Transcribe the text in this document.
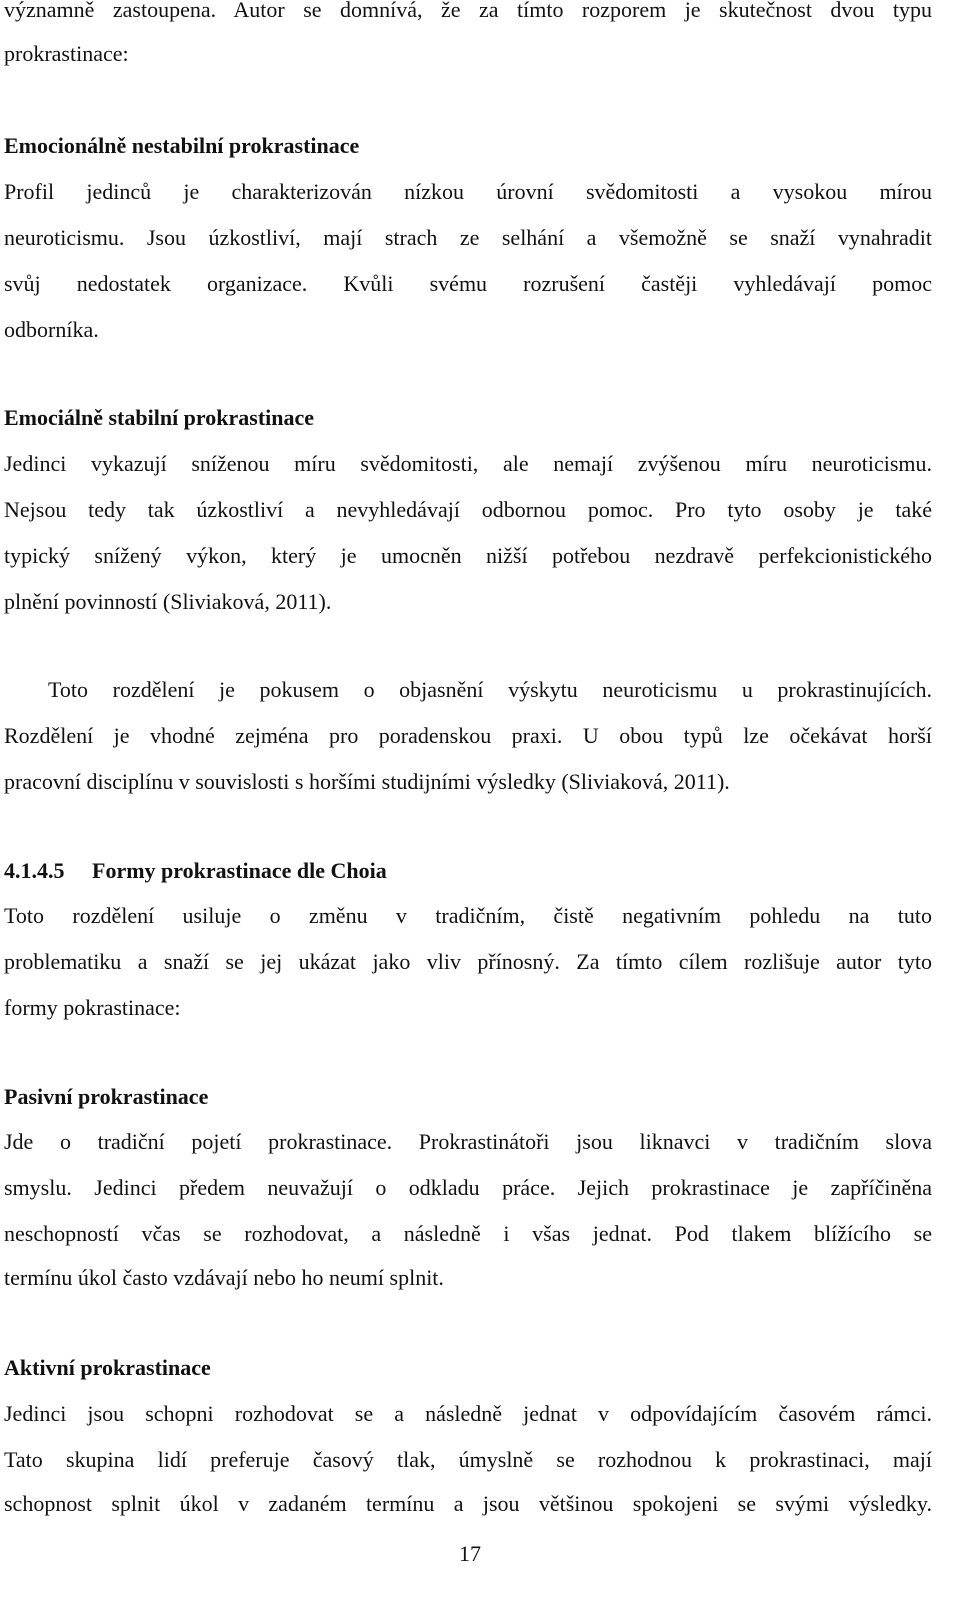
významně zastoupena. Autor se domnívá, že za tímto rozporem je skutečnost dvou typu
prokrastinace:
Emocionálně nestabilní prokrastinace
Profil jedinců je charakterizován nízkou úrovní svědomitosti a vysokou mírou
neuroticismu. Jsou úzkostliví, mají strach ze selhání a všemožně se snaží vynahradit
svůj nedostatek organizace. Kvůli svému rozrušení častěji vyhledávají pomoc
odborníka.
Emociálně stabilní prokrastinace
Jedinci vykazují sníženou míru svědomitosti, ale nemají zvýšenou míru neuroticismu.
Nejsou tedy tak úzkostliví a nevyhledávají odbornou pomoc. Pro tyto osoby je také
typický snížený výkon, který je umocněn nižší potřebou nezdravě perfekcionistického
plnění povinností (Sliviaková, 2011).
Toto rozdělení je pokusem o objasnění výskytu neuroticismu u prokrastinujících.
Rozdělení je vhodné zejména pro poradenskou praxi. U obou typů lze očekávat horší
pracovní disciplínu v souvislosti s horšími studijními výsledky (Sliviaková, 2011).
4.1.4.5 Formy prokrastinace dle Choia
Toto rozdělení usiluje o změnu v tradičním, čistě negativním pohledu na tuto
problematiku a snaží se jej ukázat jako vliv přínosný. Za tímto cílem rozlišuje autor tyto
formy pokrastinace:
Pasivní prokrastinace
Jde o tradiční pojetí prokrastinace. Prokrastinátoři jsou liknavci v tradičním slova
smyslu. Jedinci předem neuvažují o odkladu práce. Jejich prokrastinace je zapříčiněna
neschopností včas se rozhodovat, a následně i všas jednat. Pod tlakem blížícího se
termínu úkol často vzdávají nebo ho neumí splnit.
Aktivní prokrastinace
Jedinci jsou schopni rozhodovat se a následně jednat v odpovídajícím časovém rámci.
Tato skupina lidí preferuje časový tlak, úmyslně se rozhodnou k prokrastinaci, mají
schopnost splnit úkol v zadaném termínu a jsou většinou spokojeni se svými výsledky.
17
